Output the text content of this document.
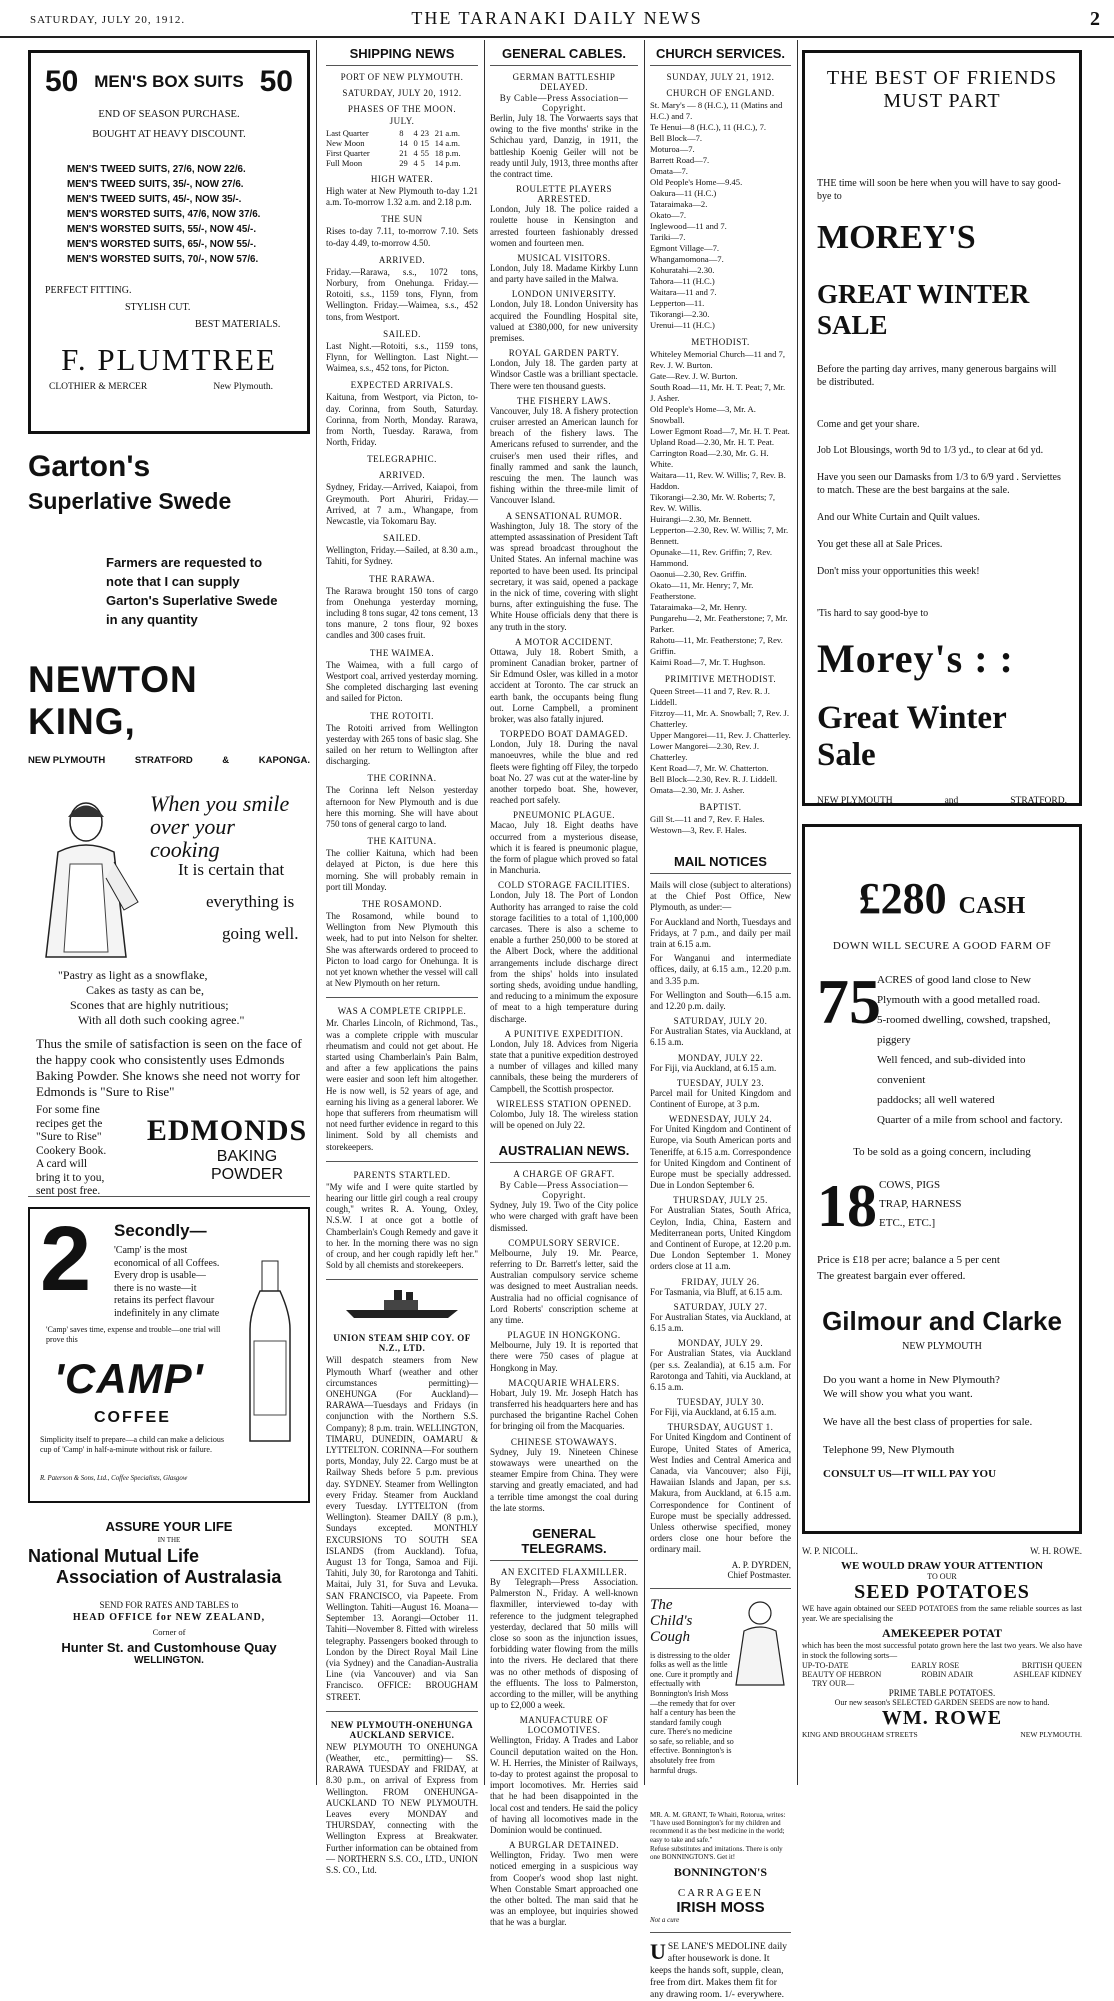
SATURDAY, JULY 20, 1912.	THE TARANAKI DAILY NEWS	2
50 MEN'S BOX SUITS 50
END OF SEASON PURCHASE.
BOUGHT AT HEAVY DISCOUNT.
MEN'S TWEED SUITS, 27/6, NOW 22/6.
MEN'S TWEED SUITS, 35/-, NOW 27/6.
MEN'S TWEED SUITS, 45/-, NOW 35/-.
MEN'S WORSTED SUITS, 47/6, NOW 37/6.
MEN'S WORSTED SUITS, 55/-, NOW 45/-.
MEN'S WORSTED SUITS, 65/-, NOW 55/-.
MEN'S WORSTED SUITS, 70/-, NOW 57/6.
PERFECT FITTING.
STYLISH CUT.
BEST MATERIALS.
F. PLUMTREE
CLOTHIER & MERCER	New Plymouth.
Garton's
Superlative Swede
Farmers are requested to
note that I can supply
Garton's Superlative Swede
in any quantity
NEWTON KING,
NEW PLYMOUTH	STRATFORD	&	KAPONGA.
When you smile
over your cooking
It is certain that
everything is
going well.
"Pastry as light as a snowflake,
Cakes as tasty as can be,
Scones that are highly nutritious;
With all doth such cooking agree."
Thus the smile of satisfaction is seen on the face of the happy cook who consistently uses Edmonds Baking Powder. She knows she need not worry for Edmonds is "Sure to Rise"
For some fine
recipes get the
"Sure to Rise"
Cookery Book.
A card will
bring it to you,
sent post free.
EDMONDS
BAKING
POWDER
2 Secondly—
'Camp' is the most economical of all Coffees. Every drop is usable—there is no waste—it retains its perfect flavour indefinitely in any climate
'Camp' saves time, expense and trouble—one trial will prove this
'CAMP'
COFFEE
Simplicity itself to prepare—a child can make a delicious cup of 'Camp' in half-a-minute without risk or failure.
R. Paterson & Sons, Ltd., Coffee Specialists, Glasgow
ASSURE YOUR LIFE
IN THE
National Mutual Life
Association of Australasia
SEND FOR RATES AND TABLES to
HEAD OFFICE for NEW ZEALAND,
Corner of
Hunter St. and Customhouse Quay
WELLINGTON.
SHIPPING NEWS
PORT OF NEW PLYMOUTH.
SATURDAY, JULY 20, 1912.
PHASES OF THE MOON.
JULY.
Last Quarter	8	4	23	21 a.m.
New Moon	14	0	15	14 a.m.
First Quarter	21	4	55	18 p.m.
Full Moon	29	4	5	14 p.m.
HIGH WATER.
High water at New Plymouth to-day 1.21 a.m. To-morrow 1.32 a.m. and 2.18 p.m.
THE SUN
Rises to-day 7.11, to-morrow 7.10. Sets to-day 4.49, to-morrow 4.50.
ARRIVED.
Friday.—Rarawa, s.s., 1072 tons, Norbury, from Onehunga. Friday.—Rotoiti, s.s., 1159 tons, Flynn, from Wellington. Friday.—Waimea, s.s., 452 tons, from Westport.
SAILED.
Last Night.—Rotoiti, s.s., 1159 tons, Flynn, for Wellington. Last Night.—Waimea, s.s., 452 tons, for Picton.
EXPECTED ARRIVALS.
Kaituna, from Westport, via Picton, to-day. Corinna, from South, Saturday. Corinna, from North, Monday. Rarawa, from North, Tuesday. Rarawa, from North, Friday.
TELEGRAPHIC.
ARRIVED.
Sydney, Friday.—Arrived, Kaiapoi, from Greymouth. Port Ahuriri, Friday.—Arrived, at 7 a.m., Whangape, from Newcastle, via Tokomaru Bay.
SAILED.
Wellington, Friday.—Sailed, at 8.30 a.m., Tahiti, for Sydney.
THE RARAWA.
The Rarawa brought 150 tons of cargo from Onehunga yesterday morning, including 8 tons sugar, 42 tons cement, 13 tons manure, 2 tons flour, 92 boxes candles and 300 cases fruit.
THE WAIMEA.
The Waimea, with a full cargo of Westport coal, arrived yesterday morning. She completed discharging last evening and sailed for Picton.
THE ROTOITI.
The Rotoiti arrived from Wellington yesterday with 265 tons of basic slag. She sailed on her return to Wellington after discharging.
THE CORINNA.
The Corinna left Nelson yesterday afternoon for New Plymouth and is due here this morning. She will have about 750 tons of general cargo to land.
THE KAITUNA.
The collier Kaituna, which had been delayed at Picton, is due here this morning. She will probably remain in port till Monday.
THE ROSAMOND.
The Rosamond, while bound to Wellington from New Plymouth this week, had to put into Nelson for shelter. She was afterwards ordered to proceed to Picton to load cargo for Onehunga. It is not yet known whether the vessel will call at New Plymouth on her return.
WAS A COMPLETE CRIPPLE.
Mr. Charles Lincoln, of Richmond, Tas., was a complete cripple with muscular rheumatism and could not get about. He started using Chamberlain's Pain Balm, and after a few applications the pains were easier and soon left him altogether. He is now well, is 52 years of age, and earning his living as a general laborer. We hope that sufferers from rheumatism will not need further evidence in regard to this liniment. Sold by all chemists and storekeepers.
PARENTS STARTLED.
"My wife and I were quite startled by hearing our little girl cough a real croupy cough," writes R. A. Young, Oxley, N.S.W. I at once got a bottle of Chamberlain's Cough Remedy and gave it to her. In the morning there was no sign of croup, and her cough rapidly left her." Sold by all chemists and storekeepers.
UNION STEAM SHIP COY. OF N.Z., LTD.
Will despatch steamers from New Plymouth Wharf (weather and other circumstances permitting)— ONEHUNGA (For Auckland)— RARAWA—Tuesdays and Fridays (in conjunction with the Northern S.S. Company); 8 p.m. train. WELLINGTON, TIMARU, DUNEDIN, OAMARU & LYTTELTON. CORINNA—For southern ports, Monday, July 22. Cargo must be at Railway Sheds before 5 p.m. previous day. SYDNEY. Steamer from Wellington every Friday. Steamer from Auckland every Tuesday. LYTTELTON (from Wellington). Steamer DAILY (8 p.m.), Sundays excepted. MONTHLY EXCURSIONS TO SOUTH SEA ISLANDS (from Auckland). Tofua, August 13 for Tonga, Samoa and Fiji. Tahiti, July 30, for Rarotonga and Tahiti. Maitai, July 31, for Suva and Levuka. SAN FRANCISCO, via Papeete. From Wellington. Tahiti—August 16. Moana—September 13. Aorangi—October 11. Tahiti—November 8. Fitted with wireless telegraphy. Passengers booked through to London by the Direct Royal Mail Line (via Sydney) and the Canadian-Australia Line (via Vancouver) and via San Francisco. OFFICE: BROUGHAM STREET.
NEW PLYMOUTH-ONEHUNGA AUCKLAND SERVICE.
NEW PLYMOUTH TO ONEHUNGA (Weather, etc., permitting)— SS. RARAWA TUESDAY and FRIDAY, at 8.30 p.m., on arrival of Express from Wellington. FROM ONEHUNGA-AUCKLAND TO NEW PLYMOUTH. Leaves every MONDAY and THURSDAY, connecting with the Wellington Express at Breakwater. Further information can be obtained from— NORTHERN S.S. CO., LTD., UNION S.S. CO., Ltd.
GENERAL CABLES.
GERMAN BATTLESHIP DELAYED.
By Cable—Press Association—Copyright.
Berlin, July 18. The Vorwaerts says that owing to the five months' strike in the Schichau yard, Danzig, in 1911, the battleship Koenig Geiler will not be ready until July, 1913, three months after the contract time.
ROULETTE PLAYERS ARRESTED.
London, July 18. The police raided a roulette house in Kensington and arrested fourteen fashionably dressed women and fourteen men.
MUSICAL VISITORS.
London, July 18. Madame Kirkby Lunn and party have sailed in the Malwa.
LONDON UNIVERSITY.
London, July 18. London University has acquired the Foundling Hospital site, valued at £380,000, for new university premises.
ROYAL GARDEN PARTY.
London, July 18. The garden party at Windsor Castle was a brilliant spectacle. There were ten thousand guests.
THE FISHERY LAWS.
Vancouver, July 18. A fishery protection cruiser arrested an American launch for breach of the fishery laws. The Americans refused to surrender, and the cruiser's men used their rifles, and finally rammed and sank the launch, rescuing the men. The launch was fishing within the three-mile limit of Vancouver Island.
A SENSATIONAL RUMOR.
Washington, July 18. The story of the attempted assassination of President Taft was spread broadcast throughout the United States. An infernal machine was reported to have been used. Its principal secretary, it was said, opened a package in the nick of time, covering with slight burns, after extinguishing the fuse. The White House officials deny that there is any truth in the story.
A MOTOR ACCIDENT.
Ottawa, July 18. Robert Smith, a prominent Canadian broker, partner of Sir Edmund Osler, was killed in a motor accident at Toronto. The car struck an earth bank, the occupants being flung out. Lorne Campbell, a prominent broker, was also fatally injured.
TORPEDO BOAT DAMAGED.
London, July 18. During the naval manoeuvres, while the blue and red fleets were fighting off Filey, the torpedo boat No. 27 was cut at the water-line by another torpedo boat. She, however, reached port safely.
PNEUMONIC PLAGUE.
Macao, July 18. Eight deaths have occurred from a mysterious disease, which it is feared is pneumonic plague, the form of plague which proved so fatal in Manchuria.
COLD STORAGE FACILITIES.
London, July 18. The Port of London Authority has arranged to raise the cold storage facilities to a total of 1,100,000 carcases. There is also a scheme to enable a further 250,000 to be stored at the Albert Dock, where the additional arrangements include discharge direct from the ships' holds into insulated sorting sheds, avoiding undue handling, and reducing to a minimum the exposure of meat to a high temperature during discharge.
A PUNITIVE EXPEDITION.
London, July 18. Advices from Nigeria state that a punitive expedition destroyed a number of villages and killed many cannibals, these being the murderers of Campbell, the Scottish prospector.
WIRELESS STATION OPENED.
Colombo, July 18. The wireless station will be opened on July 22.
AUSTRALIAN NEWS.
A CHARGE OF GRAFT.
By Cable—Press Association—Copyright.
Sydney, July 19. Two of the City police who were charged with graft have been dismissed.
COMPULSORY SERVICE.
Melbourne, July 19. Mr. Pearce, referring to Dr. Barrett's letter, said the Australian compulsory service scheme was designed to meet Australian needs. Australia had no official cognisance of Lord Roberts' conscription scheme at any time.
PLAGUE IN HONGKONG.
Melbourne, July 19. It is reported that there were 750 cases of plague at Hongkong in May.
MACQUARIE WHALERS.
Hobart, July 19. Mr. Joseph Hatch has transferred his headquarters here and has purchased the brigantine Rachel Cohen for bringing oil from the Macquaries.
CHINESE STOWAWAYS.
Sydney, July 19. Nineteen Chinese stowaways were unearthed on the steamer Empire from China. They were starving and greatly emaciated, and had a terrible time amongst the coal during the late storms.
GENERAL TELEGRAMS.
AN EXCITED FLAXMILLER.
By Telegraph—Press Association. Palmerston N., Friday. A well-known flaxmiller, interviewed to-day with reference to the judgment telegraphed yesterday, declared that 50 mills will close so soon as the injunction issues, forbidding water flowing from the mills into the rivers. He declared that there was no other methods of disposing of the effluents. The loss to Palmerston, according to the miller, will be anything up to £2,000 a week.
MANUFACTURE OF LOCOMOTIVES.
Wellington, Friday. A Trades and Labor Council deputation waited on the Hon. W. H. Herries, the Minister of Railways, to-day to protest against the proposal to import locomotives. Mr. Herries said that he had been disappointed in the local cost and tenders. He said the policy of having all locomotives made in the Dominion would be continued.
A BURGLAR DETAINED.
Wellington, Friday. Two men were noticed emerging in a suspicious way from Cooper's wood shop last night. When Constable Smart approached one the other bolted. The man said that he was an employee, but inquiries showed that he was a burglar.
CHURCH SERVICES.
SUNDAY, JULY 21, 1912.
CHURCH OF ENGLAND.
St. Mary's — 8 (H.C.), 11 (Matins and H.C.) and 7.
Te Henui—8 (H.C.), 11 (H.C.), 7.
Bell Block—7.
Moturoa—7.
Barrett Road—7.
Omata—7.
Old People's Home—9.45.
Oakura—11 (H.C.)
Tataraimaka—2.
Okato—7.
Inglewood—11 and 7.
Tariki—7.
Egmont Village—7.
Whangamomona—7.
Kohuratahi—2.30.
Tahora—11 (H.C.)
Waitara—11 and 7.
Lepperton—11.
Tikorangi—2.30.
Urenui—11 (H.C.)
METHODIST.
Whiteley Memorial Church—11 and 7, Rev. J. W. Burton.
Gate—Rev. J. W. Burton.
South Road—11, Mr. H. T. Peat; 7, Mr. J. Asher.
Old People's Home—3, Mr. A. Snowball.
Lower Egmont Road—7, Mr. H. T. Peat.
Upland Road—2.30, Mr. H. T. Peat.
Carrington Road—2.30, Mr. G. H. White.
Waitara—11, Rev. W. Willis; 7, Rev. B. Haddon.
Tikorangi—2.30, Mr. W. Roberts; 7, Rev. W. Willis.
Huirangi—2.30, Mr. Bennett.
Lepperton—2.30, Rev. W. Willis; 7, Mr. Bennett.
Opunake—11, Rev. Griffin; 7, Rev. Hammond.
Oaonui—2.30, Rev. Griffin.
Okato—11, Mr. Henry; 7, Mr. Featherstone.
Tataraimaka—2, Mr. Henry.
Pungarehu—2, Mr. Featherstone; 7, Mr. Parker.
Rahotu—11, Mr. Featherstone; 7, Rev. Griffin.
Kaimi Road—7, Mr. T. Hughson.
PRIMITIVE METHODIST.
Queen Street—11 and 7, Rev. R. J. Liddell.
Fitzroy—11, Mr. A. Snowball; 7, Rev. J. Chatterley.
Upper Mangorei—11, Rev. J. Chatterley.
Lower Mangorei—2.30, Rev. J. Chatterley.
Kent Road—7, Mr. W. Chatterton.
Bell Block—2.30, Rev. R. J. Liddell.
Omata—2.30, Mr. J. Asher.
BAPTIST.
Gill St.—11 and 7, Rev. F. Hales.
Westown—3, Rev. F. Hales.
MAIL NOTICES
Mails will close (subject to alterations) at the Chief Post Office, New Plymouth, as under:—
For Auckland and North, Tuesdays and Fridays, at 7 p.m., and daily per mail train at 6.15 a.m.
For Wanganui and intermediate offices, daily, at 6.15 a.m., 12.20 p.m. and 3.35 p.m.
For Wellington and South—6.15 a.m. and 12.20 p.m. daily.
SATURDAY, JULY 20.
For Australian States, via Auckland, at 6.15 a.m.
MONDAY, JULY 22.
For Fiji, via Auckland, at 6.15 a.m.
TUESDAY, JULY 23.
Parcel mail for United Kingdom and Continent of Europe, at 3 p.m.
WEDNESDAY, JULY 24.
For United Kingdom and Continent of Europe, via South American ports and Teneriffe, at 6.15 a.m. Correspondence for United Kingdom and Continent of Europe must be specially addressed. Due in London September 6.
THURSDAY, JULY 25.
For Australian States, South Africa, Ceylon, India, China, Eastern and Mediterranean ports, United Kingdom and Continent of Europe, at 12.20 p.m. Due London September 1. Money orders close at 11 a.m.
FRIDAY, JULY 26.
For Tasmania, via Bluff, at 6.15 a.m.
SATURDAY, JULY 27.
For Australian States, via Auckland, at 6.15 a.m.
MONDAY, JULY 29.
For Australian States, via Auckland (per s.s. Zealandia), at 6.15 a.m. For Rarotonga and Tahiti, via Auckland, at 6.15 a.m.
TUESDAY, JULY 30.
For Fiji, via Auckland, at 6.15 a.m.
THURSDAY, AUGUST 1.
For United Kingdom and Continent of Europe, United States of America, West Indies and Central America and Canada, via Vancouver; also Fiji, Hawaiian Islands and Japan, per s.s. Makura, from Auckland, at 6.15 a.m. Correspondence for Continent of Europe must be specially addressed. Unless otherwise specified, money orders close one hour before the ordinary mail.
A. P. DYRDEN,
Chief Postmaster.
The Child's Cough
is distressing to the older folks as well as the little one. Cure it promptly and effectually with Bonnington's Irish Moss—the remedy that for over half a century has been the standard family cough cure. There's no medicine so safe, so reliable, and so effective. Bonnington's is absolutely free from harmful drugs.
MR. A. M. GRANT, Te Whaiti, Rotorua, writes: "I have used Bonnington's for my children and recommend it as the best medicine in the world; easy to take and safe."
Refuse substitutes and imitations. There is only one BONNINGTON'S. Get it!
BONNINGTON'S
CARRAGEEN
IRISH MOSS
Not a cure
U SE LANE'S MEDOLINE daily after housework is done. It keeps the hands soft, supple, clean, free from dirt. Makes them fit for any drawing room. 1/- everywhere.
THE BEST OF FRIENDS
MUST PART
THE time will soon be here when you will have to say good-bye to
MOREY'S
GREAT WINTER SALE
Before the parting day arrives, many generous bargains will be distributed.
Come and get your share.
Job Lot Blousings, worth 9d to 1/3 yd., to clear at 6d yd.
Have you seen our Damasks from 1/3 to 6/9 yard . Serviettes to match. These are the best bargains at the sale.
And our White Curtain and Quilt values.
You get these all at Sale Prices.
Don't miss your opportunities this week!
'Tis hard to say good-bye to
Morey's : :
Great Winter Sale
NEW PLYMOUTH	and	STRATFORD.
£280 CASH
DOWN WILL SECURE A GOOD FARM OF
75
ACRES of good land close to New Plymouth with a good metalled road.
5-roomed dwelling, cowshed, trapshed, piggery
Well fenced, and sub-divided into convenient
paddocks; all well watered
Quarter of a mile from school and factory.
To be sold as a going concern, including
18 COWS, PIGS
TRAP, HARNESS
ETC., ETC.]
Price is £18 per acre; balance a 5 per cent
The greatest bargain ever offered.
Gilmour and Clarke
NEW PLYMOUTH
Do you want a home in New Plymouth?
We will show you what you want.
We have all the best class of properties for sale.
Telephone 99, New Plymouth
CONSULT US—IT WILL PAY YOU
W. P. NICOLL.	W. H. ROWE.
WE WOULD DRAW YOUR ATTENTION
TO OUR
SEED POTATOES
WE have again obtained our SEED POTATOES from the same reliable sources as last year. We are specialising the
AMEKEEPER POTAT
which has been the most successful potato grown here the last two years. We also have in stock the following sorts—
UP-TO-DATE	EARLY ROSE	BRITISH QUEEN
BEAUTY OF HEBRON	ROBIN ADAIR	ASHLEAF KIDNEY
TRY OUR—
PRIME TABLE POTATOES.
Our new season's SELECTED GARDEN SEEDS are now to hand.
WM. ROWE
KING AND BROUGHAM STREETS	NEW PLYMOUTH.
